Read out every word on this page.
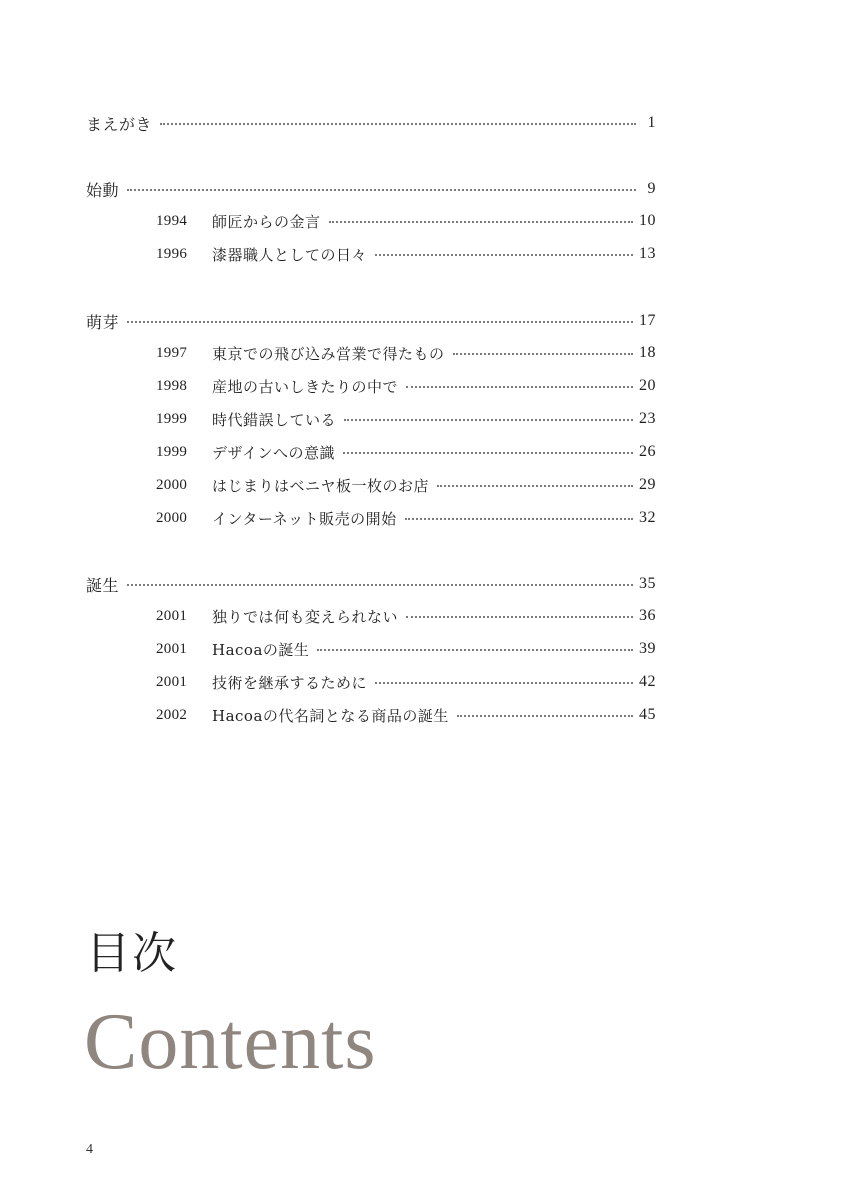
まえがき	1
始動	9
1994	師匠からの金言	10
1996	漆器職人としての日々	13
萌芽	17
1997	東京での飛び込み営業で得たもの	18
1998	産地の古いしきたりの中で	20
1999	時代錯誤している	23
1999	デザインへの意識	26
2000	はじまりはベニヤ板一枚のお店	29
2000	インターネット販売の開始	32
誕生	35
2001	独りでは何も変えられない	36
2001	Hacoaの誕生	39
2001	技術を継承するために	42
2002	Hacoaの代名詞となる商品の誕生	45
目次
Contents
4
